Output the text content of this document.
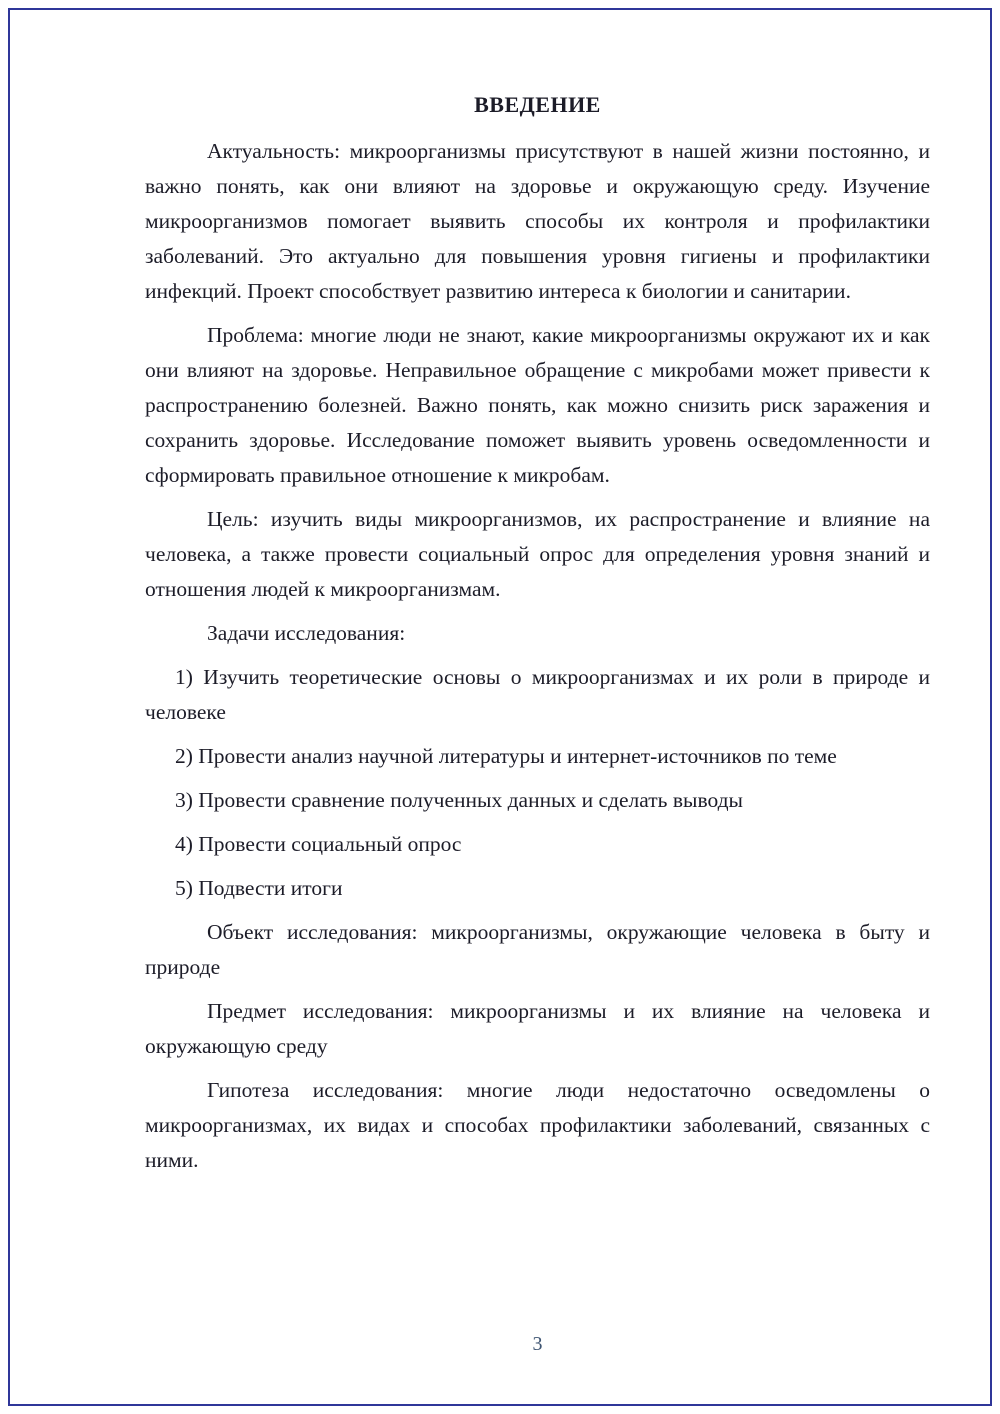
ВВЕДЕНИЕ

Актуальность: микроорганизмы присутствуют в нашей жизни постоянно, и важно понять, как они влияют на здоровье и окружающую среду. Изучение микроорганизмов помогает выявить способы их контроля и профилактики заболеваний. Это актуально для повышения уровня гигиены и профилактики инфекций. Проект способствует развитию интереса к биологии и санитарии.

Проблема: многие люди не знают, какие микроорганизмы окружают их и как они влияют на здоровье. Неправильное обращение с микробами может привести к распространению болезней. Важно понять, как можно снизить риск заражения и сохранить здоровье. Исследование поможет выявить уровень осведомленности и сформировать правильное отношение к микробам.

Цель: изучить виды микроорганизмов, их распространение и влияние на человека, а также провести социальный опрос для определения уровня знаний и отношения людей к микроорганизмам.

Задачи исследования:

1) Изучить теоретические основы о микроорганизмах и их роли в природе и человеке

2) Провести анализ научной литературы и интернет-источников по теме

3) Провести сравнение полученных данных и сделать выводы

4) Провести социальный опрос

5) Подвести итоги

Объект исследования: микроорганизмы, окружающие человека в быту и природе

Предмет исследования: микроорганизмы и их влияние на человека и окружающую среду

Гипотеза исследования: многие люди недостаточно осведомлены о микроорганизмах, их видах и способах профилактики заболеваний, связанных с ними.

3
